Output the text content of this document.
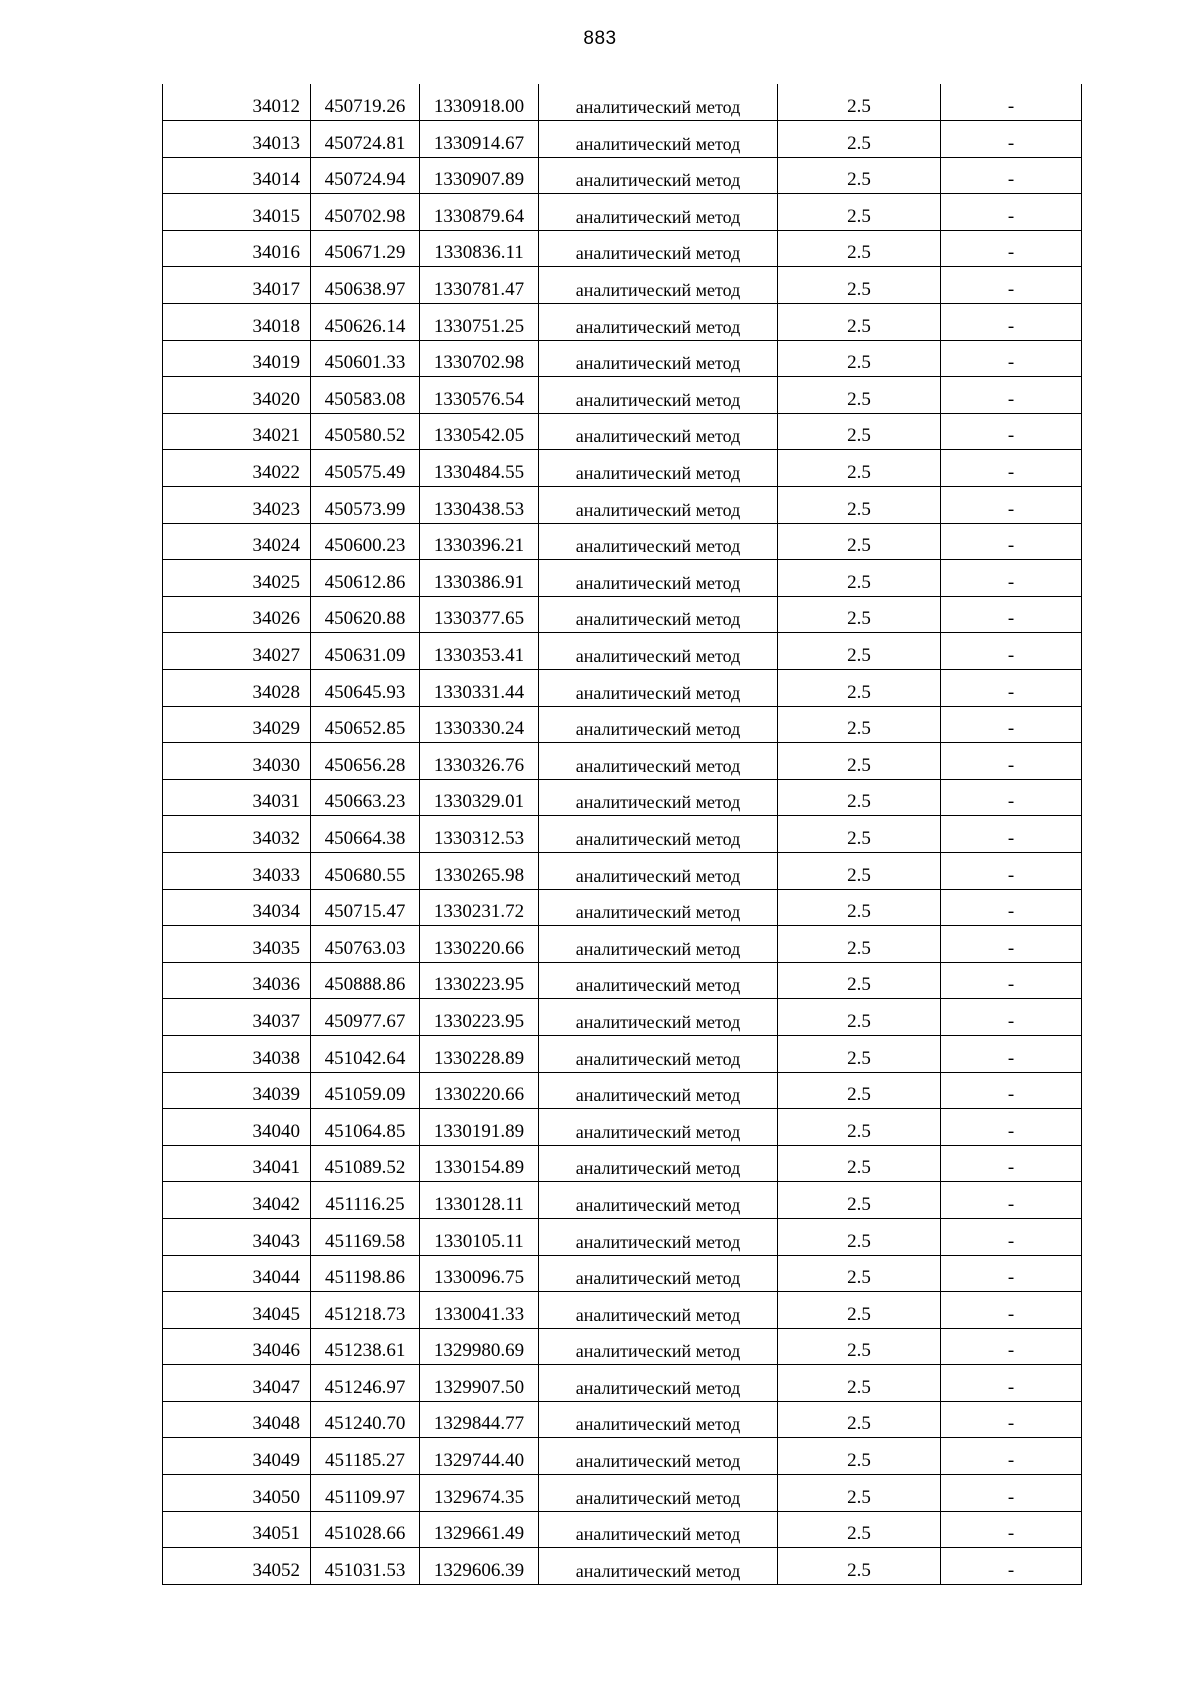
883
34012	450719.26	1330918.00	аналитический метод	2.5	-
34013	450724.81	1330914.67	аналитический метод	2.5	-
34014	450724.94	1330907.89	аналитический метод	2.5	-
34015	450702.98	1330879.64	аналитический метод	2.5	-
34016	450671.29	1330836.11	аналитический метод	2.5	-
34017	450638.97	1330781.47	аналитический метод	2.5	-
34018	450626.14	1330751.25	аналитический метод	2.5	-
34019	450601.33	1330702.98	аналитический метод	2.5	-
34020	450583.08	1330576.54	аналитический метод	2.5	-
34021	450580.52	1330542.05	аналитический метод	2.5	-
34022	450575.49	1330484.55	аналитический метод	2.5	-
34023	450573.99	1330438.53	аналитический метод	2.5	-
34024	450600.23	1330396.21	аналитический метод	2.5	-
34025	450612.86	1330386.91	аналитический метод	2.5	-
34026	450620.88	1330377.65	аналитический метод	2.5	-
34027	450631.09	1330353.41	аналитический метод	2.5	-
34028	450645.93	1330331.44	аналитический метод	2.5	-
34029	450652.85	1330330.24	аналитический метод	2.5	-
34030	450656.28	1330326.76	аналитический метод	2.5	-
34031	450663.23	1330329.01	аналитический метод	2.5	-
34032	450664.38	1330312.53	аналитический метод	2.5	-
34033	450680.55	1330265.98	аналитический метод	2.5	-
34034	450715.47	1330231.72	аналитический метод	2.5	-
34035	450763.03	1330220.66	аналитический метод	2.5	-
34036	450888.86	1330223.95	аналитический метод	2.5	-
34037	450977.67	1330223.95	аналитический метод	2.5	-
34038	451042.64	1330228.89	аналитический метод	2.5	-
34039	451059.09	1330220.66	аналитический метод	2.5	-
34040	451064.85	1330191.89	аналитический метод	2.5	-
34041	451089.52	1330154.89	аналитический метод	2.5	-
34042	451116.25	1330128.11	аналитический метод	2.5	-
34043	451169.58	1330105.11	аналитический метод	2.5	-
34044	451198.86	1330096.75	аналитический метод	2.5	-
34045	451218.73	1330041.33	аналитический метод	2.5	-
34046	451238.61	1329980.69	аналитический метод	2.5	-
34047	451246.97	1329907.50	аналитический метод	2.5	-
34048	451240.70	1329844.77	аналитический метод	2.5	-
34049	451185.27	1329744.40	аналитический метод	2.5	-
34050	451109.97	1329674.35	аналитический метод	2.5	-
34051	451028.66	1329661.49	аналитический метод	2.5	-
34052	451031.53	1329606.39	аналитический метод	2.5	-
